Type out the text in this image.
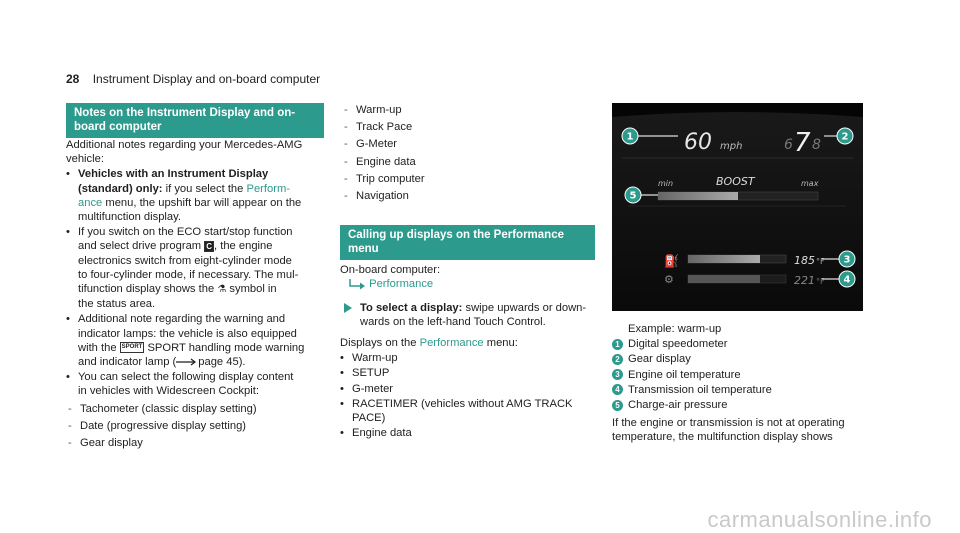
28 Instrument Display and on-board computer
Notes on the Instrument Display and on-
board computer

Additional notes regarding your Mercedes-AMG
vehicle:

• Vehicles with an Instrument Display
(standard) only: if you select the Perform-
ance menu, the upshift bar will appear on the
multifunction display.
• If you switch on the ECO start/stop function
and select drive program C , the engine
electronics switch from eight-cylinder mode
to four-cylinder mode, if necessary. The mul-
tifunction display shows the ⚗ symbol in
the status area.
• Additional note regarding the warning and
indicator lamps: the vehicle is also equipped
with the SPORT SPORT handling mode warning
and indicator lamp ( page 45).
• You can select the following display content
in vehicles with Widescreen Cockpit:
- Tachometer (classic display setting)
- Date (progressive display setting)
- Gear display
- Warm-up
- Track Pace
- G-Meter
- Engine data
- Trip computer
- Navigation
Calling up displays on the Performance
menu

On-board computer:

Performance

To select a display: swipe upwards or down-
wards on the left-hand Touch Control.

Displays on the Performance menu:

• Warm-up
• SETUP
• G-meter
• RACETIMER (vehicles without AMG TRACK
PACE)
• Engine data
60 mph	6 7 8
min	BOOST	max
⛽	185 °F
⚙	221 °F
1	2
3
4
5

Example: warm-up

1 Digital speedometer
2 Gear display
3 Engine oil temperature
4 Transmission oil temperature
5 Charge-air pressure

If the engine or transmission is not at operating
temperature, the multifunction display shows

carmanualsonline.info
